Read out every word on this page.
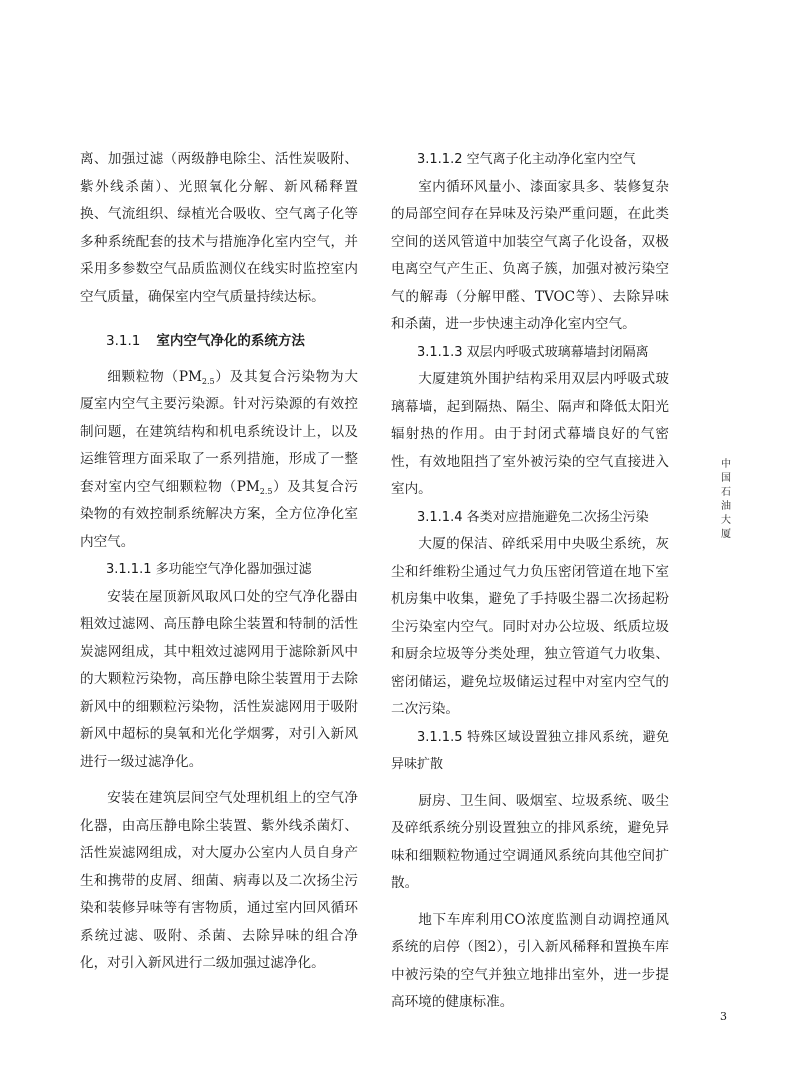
离、加强过滤（两级静电除尘、活性炭吸附、紫外线杀菌）、光照氧化分解、新风稀释置换、气流组织、绿植光合吸收、空气离子化等多种系统配套的技术与措施净化室内空气，并采用多参数空气品质监测仪在线实时监控室内空气质量，确保室内空气质量持续达标。

3.1.1 室内空气净化的系统方法

细颗粒物$(PM_{2.5})$及其复合污染物为大厦室内空气主要污染源。针对污染源的有效控制问题，在建筑结构和机电系统设计上，以及运维管理方面采取了一系列措施，形成了一整套对室内空气细颗粒物$(PM_{2.5})$及其复合污染物的有效控制系统解决方案，全方位净化室内空气。

3.1.1.1 多功能空气净化器加强过滤

安装在屋顶新风取风口处的空气净化器由粗效过滤网、高压静电除尘装置和特制的活性炭滤网组成，其中粗效过滤网用于滤除新风中的大颗粒污染物，高压静电除尘装置用于去除新风中的细颗粒污染物，活性炭滤网用于吸附新风中超标的臭氧和光化学烟雾，对引入新风进行一级过滤净化。

安装在建筑层间空气处理机组上的空气净化器，由高压静电除尘装置、紫外线杀菌灯、活性炭滤网组成，对大厦办公室内人员自身产生和携带的皮屑、细菌、病毒以及二次扬尘污染和装修异味等有害物质，通过室内回风循环系统过滤、吸附、杀菌、去除异味的组合净化，对引入新风进行二级加强过滤净化。

3.1.1.2 空气离子化主动净化室内空气

室内循环风量小、漆面家具多、装修复杂的局部空间存在异味及污染严重问题，在此类空间的送风管道中加装空气离子化设备，双极电离空气产生正、负离子簇，加强对被污染空气的解毒（分解甲醛、TVOC等）、去除异味和杀菌，进一步快速主动净化室内空气。

3.1.1.3 双层内呼吸式玻璃幕墙封闭隔离

大厦建筑外围护结构采用双层内呼吸式玻璃幕墙，起到隔热、隔尘、隔声和降低太阳光辐射热的作用。由于封闭式幕墙良好的气密性，有效地阻挡了室外被污染的空气直接进入室内。

3.1.1.4 各类对应措施避免二次扬尘污染

大厦的保洁、碎纸采用中央吸尘系统，灰尘和纤维粉尘通过气力负压密闭管道在地下室机房集中收集，避免了手持吸尘器二次扬起粉尘污染室内空气。同时对办公垃圾、纸质垃圾和厨余垃圾等分类处理，独立管道气力收集、密闭储运，避免垃圾储运过程中对室内空气的二次污染。

3.1.1.5 特殊区域设置独立排风系统，避免异味扩散

厨房、卫生间、吸烟室、垃圾系统、吸尘及碎纸系统分别设置独立的排风系统，避免异味和细颗粒物通过空调通风系统向其他空间扩散。

地下车库利用CO浓度监测自动调控通风系统的启停（图2），引入新风稀释和置换车库中被污染的空气并独立地排出室外，进一步提高环境的健康标准。

中国石油大厦
3
